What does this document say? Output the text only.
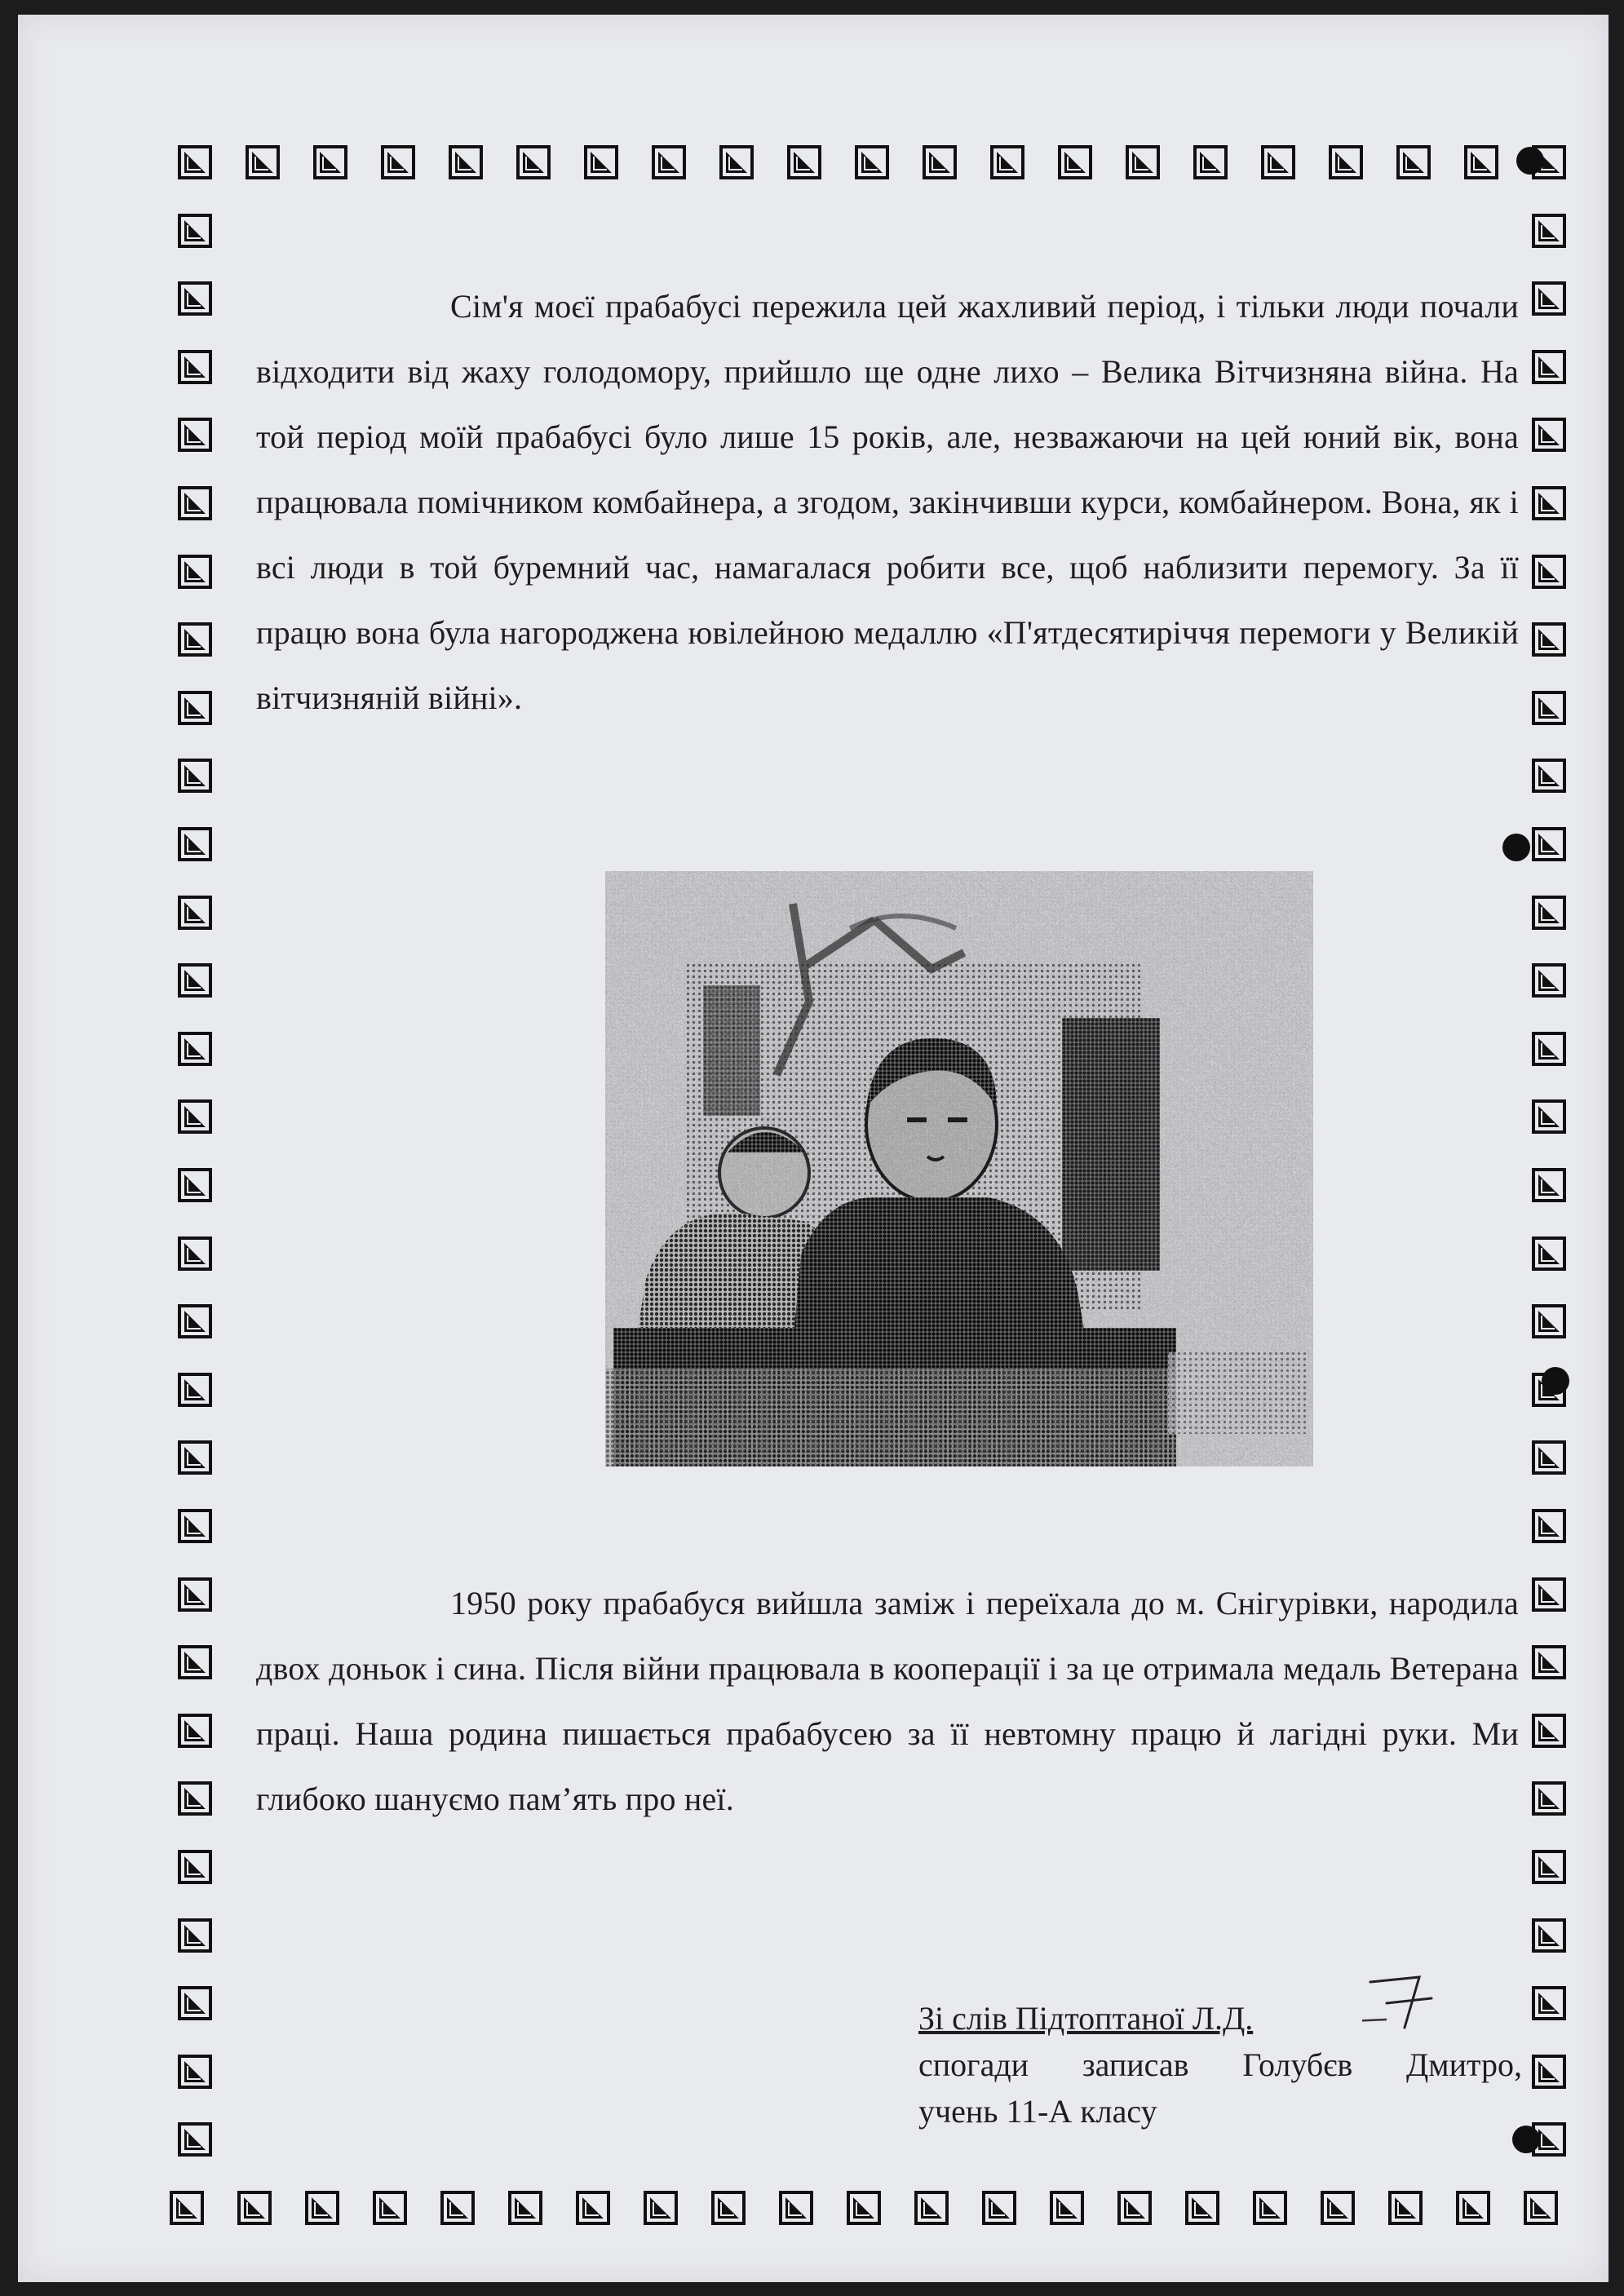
Сім'я моєї прабабусі пережила цей жахливий період, і тільки люди почали відходити від жаху голодомору, прийшло ще одне лихо – Велика Вітчизняна війна. На той період моїй прабабусі було лише 15 років, але, незважаючи на цей юний вік, вона працювала помічником комбайнера, а згодом, закінчивши курси, комбайнером. Вона, як і всі люди в той буремний час, намагалася робити все, щоб наблизити перемогу. За її працю вона була нагороджена ювілейною медаллю «П'ятдесятиріччя перемоги у Великій вітчизняній війні».

1950 року прабабуся вийшла заміж і переїхала до м. Снігурівки, народила двох доньок і сина. Після війни працювала в кооперації і за це отримала медаль Ветерана праці. Наша родина пишається прабабусею за її невтомну працю й лагідні руки. Ми глибоко шануємо пам’ять про неї.

Зі слів Підтоптаної Л.Д.
спогади записав Голубєв Дмитро,
учень 11-А класу
